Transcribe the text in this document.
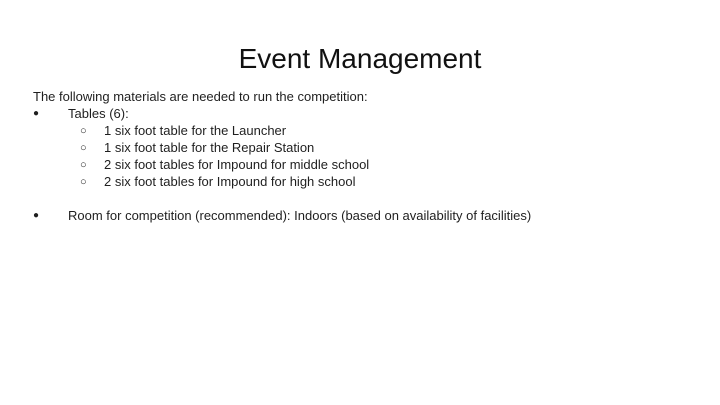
Event Management
The following materials are needed to run the competition:
● Tables (6):
○ 1 six foot table for the Launcher
○ 1 six foot table for the Repair Station
○ 2 six foot tables for Impound for middle school
○ 2 six foot tables for Impound for high school
● Room for competition (recommended): Indoors (based on availability of facilities)
